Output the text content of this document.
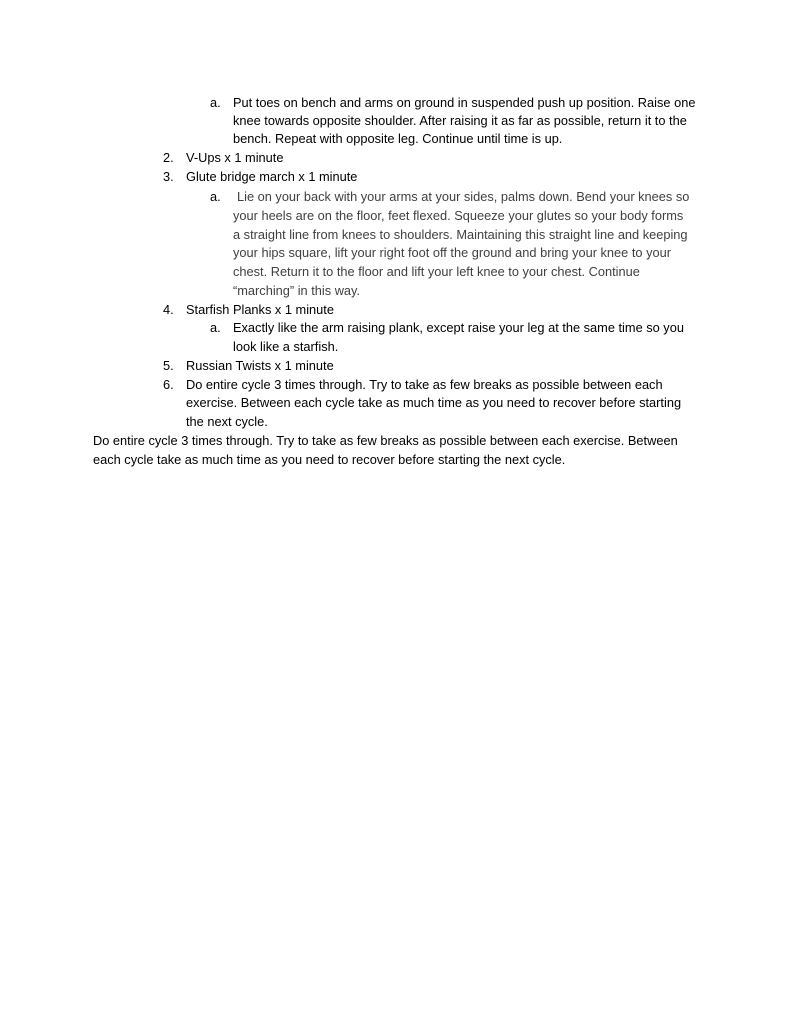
a. Put toes on bench and arms on ground in suspended push up position. Raise one
knee towards opposite shoulder. After raising it as far as possible, return it to the
bench. Repeat with opposite leg. Continue until time is up.
2. V-Ups x 1 minute
3. Glute bridge march x 1 minute
a. Lie on your back with your arms at your sides, palms down. Bend your knees so
your heels are on the floor, feet flexed. Squeeze your glutes so your body forms
a straight line from knees to shoulders. Maintaining this straight line and keeping
your hips square, lift your right foot off the ground and bring your knee to your
chest. Return it to the floor and lift your left knee to your chest. Continue
“marching” in this way.
4. Starfish Planks x 1 minute
a. Exactly like the arm raising plank, except raise your leg at the same time so you
look like a starfish.
5. Russian Twists x 1 minute
6. Do entire cycle 3 times through. Try to take as few breaks as possible between each
exercise. Between each cycle take as much time as you need to recover before starting
the next cycle.
Do entire cycle 3 times through. Try to take as few breaks as possible between each exercise. Between
each cycle take as much time as you need to recover before starting the next cycle.
